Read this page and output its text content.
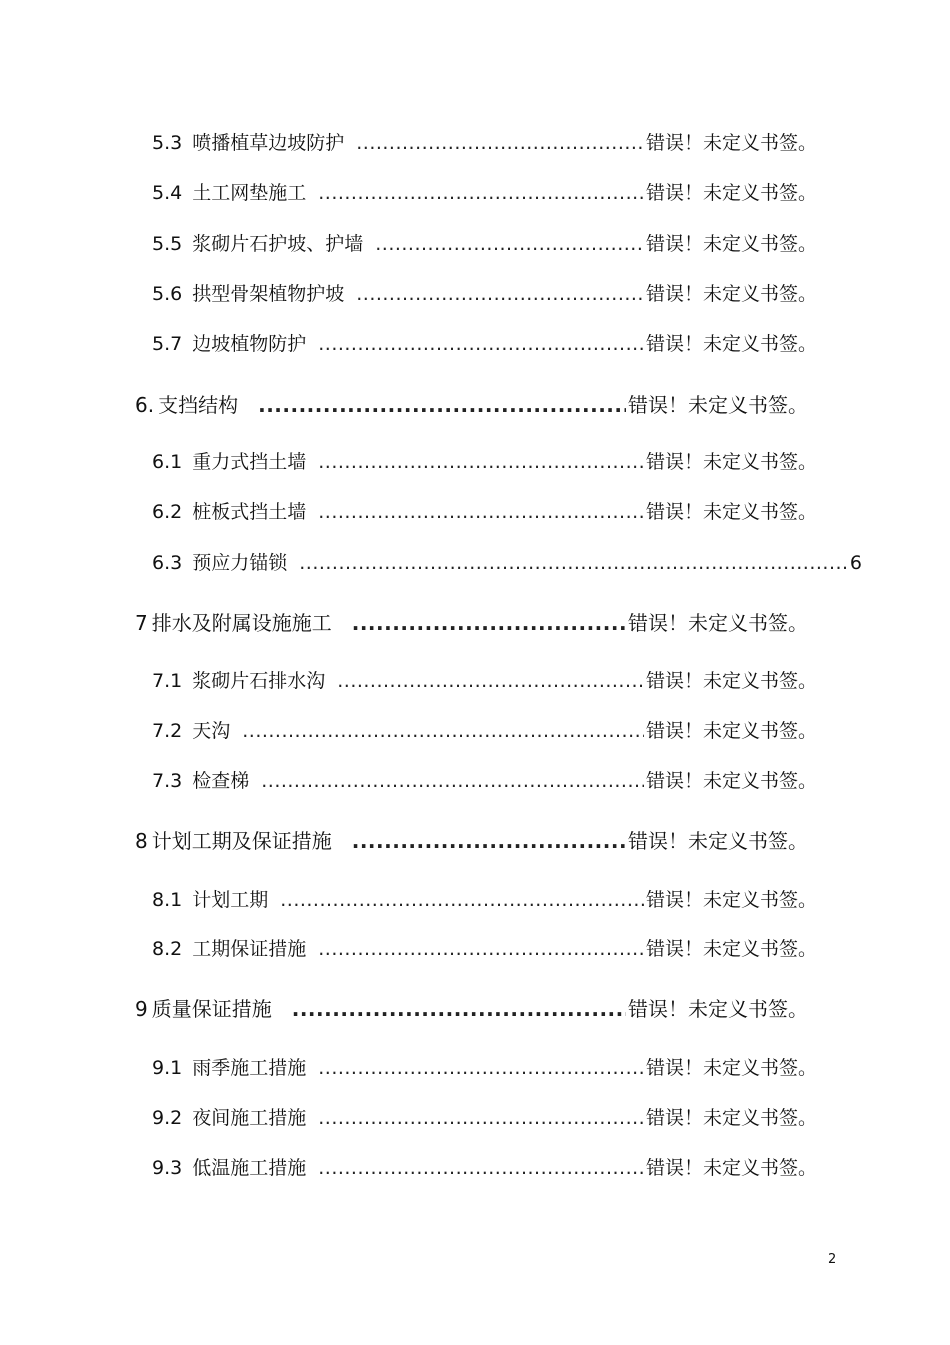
5.3 喷播植草边坡防护 .....	错误！未定义书签。
5.4 土工网垫施工 .....	错误！未定义书签。
5.5 浆砌片石护坡、护墙 .....	错误！未定义书签。
5.6 拱型骨架植物护坡 .....	错误！未定义书签。
5.7 边坡植物防护 .....	错误！未定义书签。
6. 支挡结构 .....	错误！未定义书签。
6.1 重力式挡土墙 .....	错误！未定义书签。
6.2 桩板式挡土墙 .....	错误！未定义书签。
6.3 预应力锚锁 .....	6
7 排水及附属设施施工 .....	错误！未定义书签。
7.1 浆砌片石排水沟 .....	错误！未定义书签。
7.2 天沟 .....	错误！未定义书签。
7.3 检查梯 .....	错误！未定义书签。
8 计划工期及保证措施 .....	错误！未定义书签。
8.1 计划工期 .....	错误！未定义书签。
8.2 工期保证措施 .....	错误！未定义书签。
9 质量保证措施 .....	错误！未定义书签。
9.1 雨季施工措施 .....	错误！未定义书签。
9.2 夜间施工措施 .....	错误！未定义书签。
9.3 低温施工措施 .....	错误！未定义书签。
2
